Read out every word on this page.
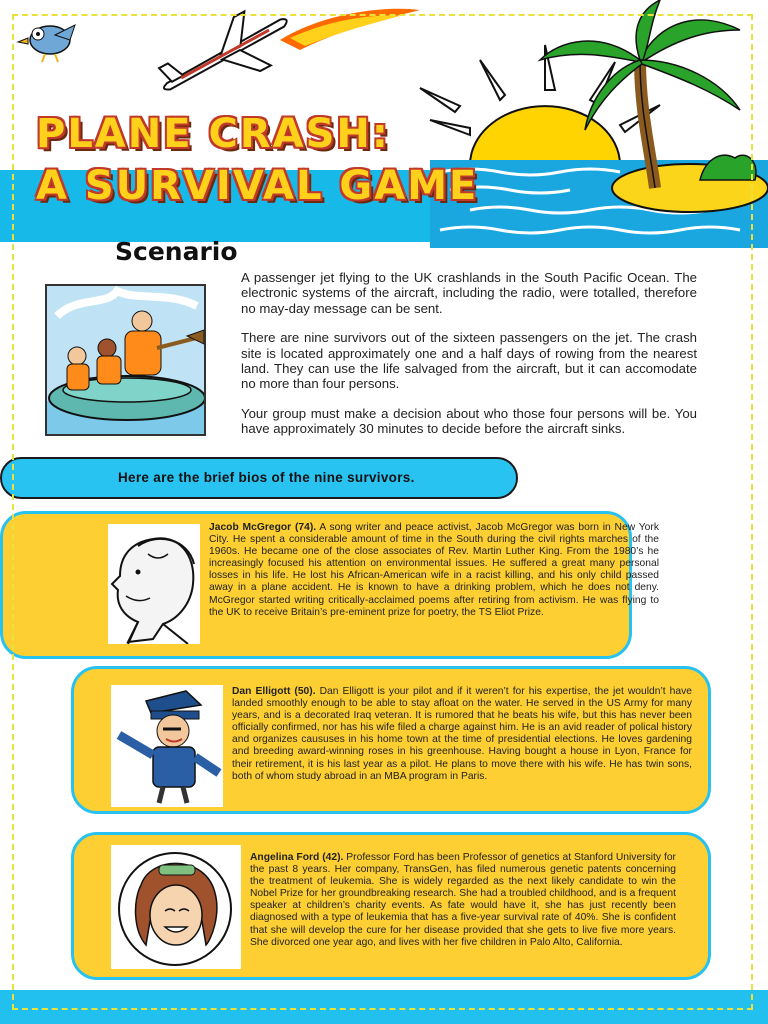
PLANE CRASH:
A SURVIVAL GAME
Scenario

A passenger jet flying to the UK crashlands in the South Pacific Ocean. The electronic systems of the aircraft, including the radio, were totalled, therefore no may-day message can be sent.

There are nine survivors out of the sixteen passengers on the jet. The crash site is located approximately one and a half days of rowing from the nearest land. They can use the life salvaged from the aircraft, but it can accomodate no more than four persons.

Your group must make a decision about who those four persons will be. You have approximately 30 minutes to decide before the aircraft sinks.

Here are the brief bios of the nine survivors.

Jacob McGregor (74). A song writer and peace activist, Jacob McGregor was born in New York City. He spent a considerable amount of time in the South during the civil rights marches of the 1960s. He became one of the close associates of Rev. Martin Luther King. From the 1980’s he increasingly focused his attention on environmental issues. He suffered a great many personal losses in his life. He lost his African-American wife in a racist killing, and his only child passed away in a plane accident. He is known to have a drinking problem, which he does not deny. McGregor started writing critically-acclaimed poems after retiring from activism. He was flying to the UK to receive Britain’s pre-eminent prize for poetry, the TS Eliot Prize.

Dan Elligott (50). Dan Elligott is your pilot and if it weren’t for his expertise, the jet wouldn’t have landed smoothly enough to be able to stay afloat on the water. He served in the US Army for many years, and is a decorated Iraq veteran. It is rumored that he beats his wife, but this has never been officially confirmed, nor has his wife filed a charge against him. He is an avid reader of polical history and organizes caususes in his home town at the time of presidential elections. He loves gardening and breeding award-winning roses in his greenhouse. Having bought a house in Lyon, France for their retirement, it is his last year as a pilot. He plans to move there with his wife. He has twin sons, both of whom study abroad in an MBA program in Paris.

Angelina Ford (42). Professor Ford has been Professor of genetics at Stanford University for the past 8 years. Her company, TransGen, has filed numerous genetic patents concerning the treatment of leukemia. She is widely regarded as the next likely candidate to win the Nobel Prize for her groundbreaking research. She had a troubled childhood, and is a frequent speaker at children’s charity events. As fate would have it, she has just recently been diagnosed with a type of leukemia that has a five-year survival rate of 40%. She is confident that she will develop the cure for her disease provided that she gets to live five more years. She divorced one year ago, and lives with her five children in Palo Alto, California.
